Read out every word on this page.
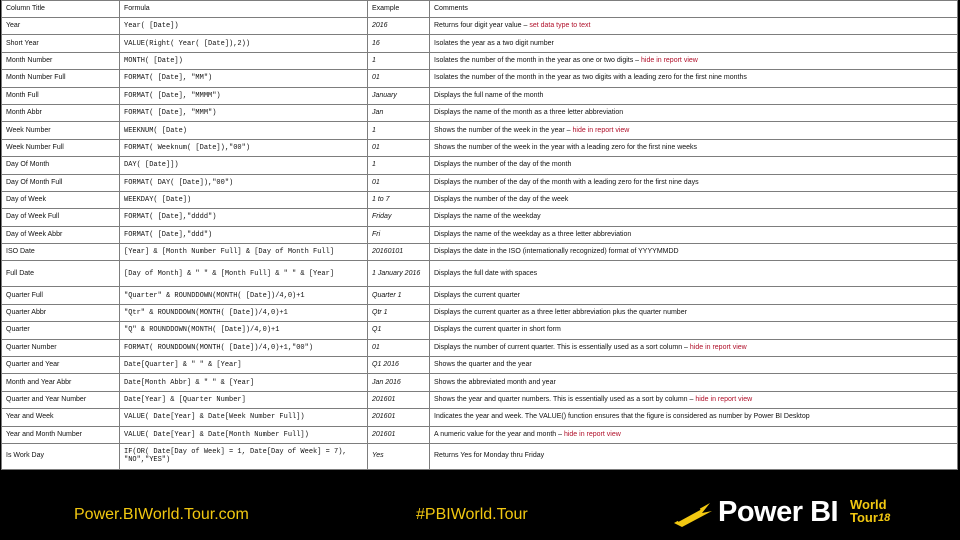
Column Title	Formula	Example	Comments
Year	Year( [Date])	2016	Returns four digit year value – set data type to text
Short Year	VALUE(Right( Year( [Date]),2))	16	Isolates the year as a two digit number
Month Number	MONTH( [Date])	1	Isolates the number of the month in the year as one or two digits – hide in report view
Month Number Full	FORMAT( [Date], "MM")	01	Isolates the number of the month in the year as two digits with a leading zero for the first nine months
Month Full	FORMAT( [Date], "MMMM")	January	Displays the full name of the month
Month Abbr	FORMAT( [Date], "MMM")	Jan	Displays the name of the month as a three letter abbreviation
Week Number	WEEKNUM( [Date)	1	Shows the number of the week in the year – hide in report view
Week Number Full	FORMAT( Weeknum( [Date]),"00")	01	Shows the number of the week in the year with a leading zero for the first nine weeks
Day Of Month	DAY( [Date]])	1	Displays the number of the day of the month
Day Of Month Full	FORMAT( DAY( [Date]),"00")	01	Displays the number of the day of the month with a leading zero for the first nine days
Day of Week	WEEKDAY( [Date])	1 to 7	Displays the number of the day of the week
Day of Week Full	FORMAT( [Date],"dddd")	Friday	Displays the name of the weekday
Day of Week Abbr	FORMAT( [Date],"ddd")	Fri	Displays the name of the weekday as a three letter abbreviation
ISO Date	[Year] & [Month Number Full] & [Day of Month Full]	20160101	Displays the date in the ISO (internationally recognized) format of YYYYMMDD
Full Date	[Day of Month] & " " & [Month Full] & " " & [Year]	1 January 2016	Displays the full date with spaces
Quarter Full	"Quarter" & ROUNDDOWN(MONTH( [Date])/4,0)+1	Quarter 1	Displays the current quarter
Quarter Abbr	"Qtr" & ROUNDDOWN(MONTH( [Date])/4,0)+1	Qtr 1	Displays the current quarter as a three letter abbreviation plus the quarter number
Quarter	"Q" & ROUNDDOWN(MONTH( [Date])/4,0)+1	Q1	Displays the current quarter in short form
Quarter Number	FORMAT( ROUNDDOWN(MONTH( [Date])/4,0)+1,"00")	01	Displays the number of current quarter. This is essentially used as a sort column – hide in report view
Quarter and Year	Date[Quarter] & " " & [Year]	Q1 2016	Shows the quarter and the year
Month and Year Abbr	Date[Month Abbr] & " " & [Year]	Jan 2016	Shows the abbreviated month and year
Quarter and Year Number	Date[Year] & [Quarter Number]	201601	Shows the year and quarter numbers. This is essentially used as a sort by column – hide in report view
Year and Week	VALUE( Date[Year] & Date[Week Number Full])	201601	Indicates the year and week. The VALUE() function ensures that the figure is considered as number by Power BI Desktop
Year and Month Number	VALUE( Date[Year] & Date[Month Number Full])	201601	A numeric value for the year and month – hide in report view
Is Work Day	IF(OR( Date[Day of Week] = 1, Date[Day of Week] = 7), "NO","YES")	Yes	Returns Yes for Monday thru Friday
Power.BIWorld.Tour.com	#PBIWorld.Tour	Power BI World
Tour 18
